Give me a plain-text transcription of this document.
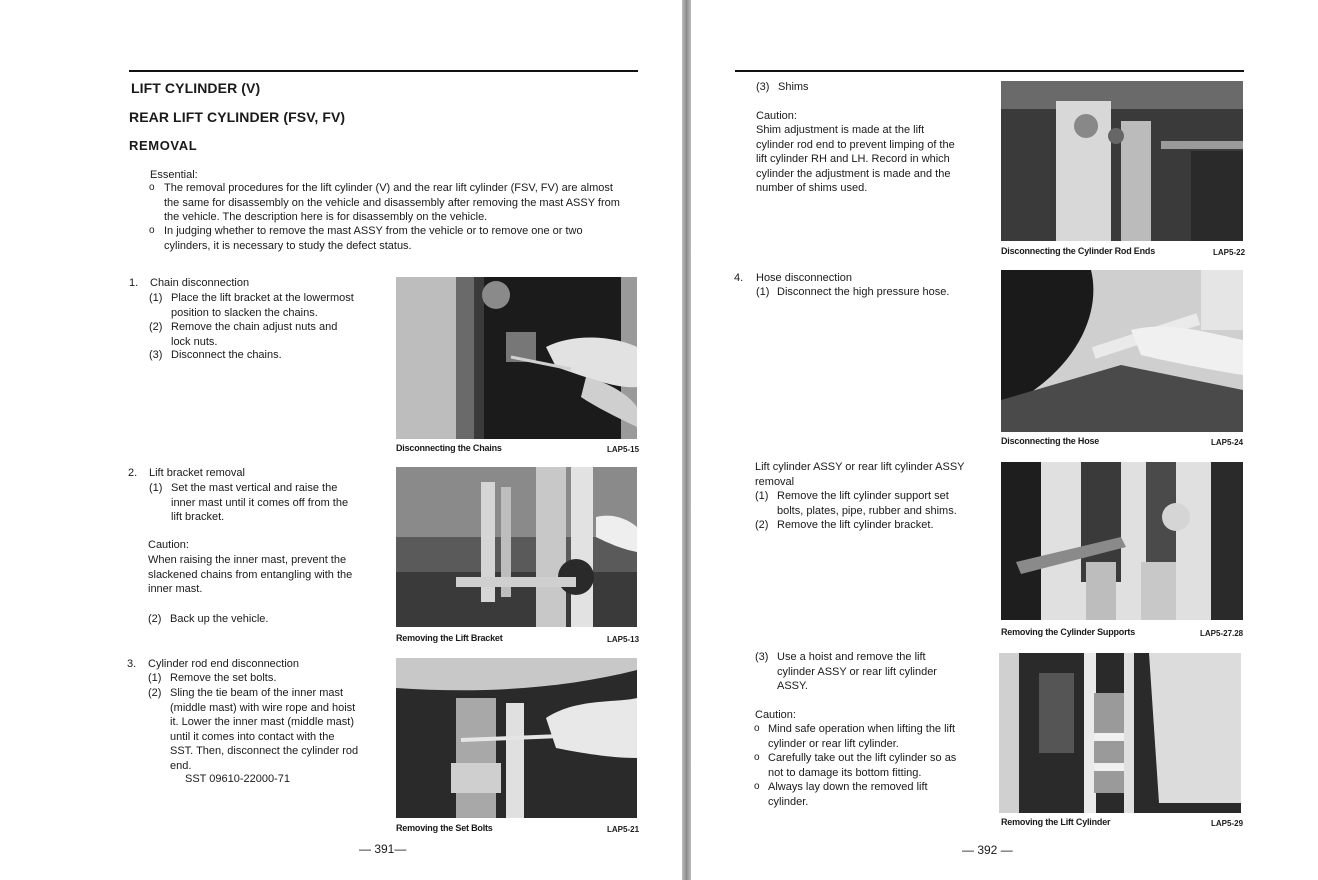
LIFT CYLINDER (V)
REAR LIFT CYLINDER (FSV, FV)
REMOVAL
Essential:
o The removal procedures for the lift cylinder (V) and the rear lift cylinder (FSV, FV) are almost
the same for disassembly on the vehicle and disassembly after removing the mast ASSY from
the vehicle. The description here is for disassembly on the vehicle.
o In judging whether to remove the mast ASSY from the vehicle or to remove one or two
cylinders, it is necessary to study the defect status.
1. Chain disconnection
(1) Place the lift bracket at the lowermost
position to slacken the chains.
(2) Remove the chain adjust nuts and
lock nuts.
(3) Disconnect the chains.
Disconnecting the Chains	LAP5-15
2. Lift bracket removal
(1) Set the mast vertical and raise the
inner mast until it comes off from the
lift bracket.
Caution:
When raising the inner mast, prevent the
slackened chains from entangling with the
inner mast.
(2) Back up the vehicle.
Removing the Lift Bracket	LAP5-13
3. Cylinder rod end disconnection
(1) Remove the set bolts.
(2) Sling the tie beam of the inner mast
(middle mast) with wire rope and hoist
it. Lower the inner mast (middle mast)
until it comes into contact with the
SST. Then, disconnect the cylinder rod
end.
SST 09610-22000-71
Removing the Set Bolts	LAP5-21
— 391—
(3) Shims
Caution:
Shim adjustment is made at the lift
cylinder rod end to prevent limping of the
lift cylinder RH and LH. Record in which
cylinder the adjustment is made and the
number of shims used.
Disconnecting the Cylinder Rod Ends	LAP5-22
4. Hose disconnection
(1) Disconnect the high pressure hose.
Disconnecting the Hose	LAP5-24
Lift cylinder ASSY or rear lift cylinder ASSY
removal
(1) Remove the lift cylinder support set
bolts, plates, pipe, rubber and shims.
(2) Remove the lift cylinder bracket.
Removing the Cylinder Supports	LAP5-27.28
(3) Use a hoist and remove the lift
cylinder ASSY or rear lift cylinder
ASSY.
Caution:
o Mind safe operation when lifting the lift
cylinder or rear lift cylinder.
o Carefully take out the lift cylinder so as
not to damage its bottom fitting.
o Always lay down the removed lift
cylinder.
Removing the Lift Cylinder	LAP5-29
— 392 —
